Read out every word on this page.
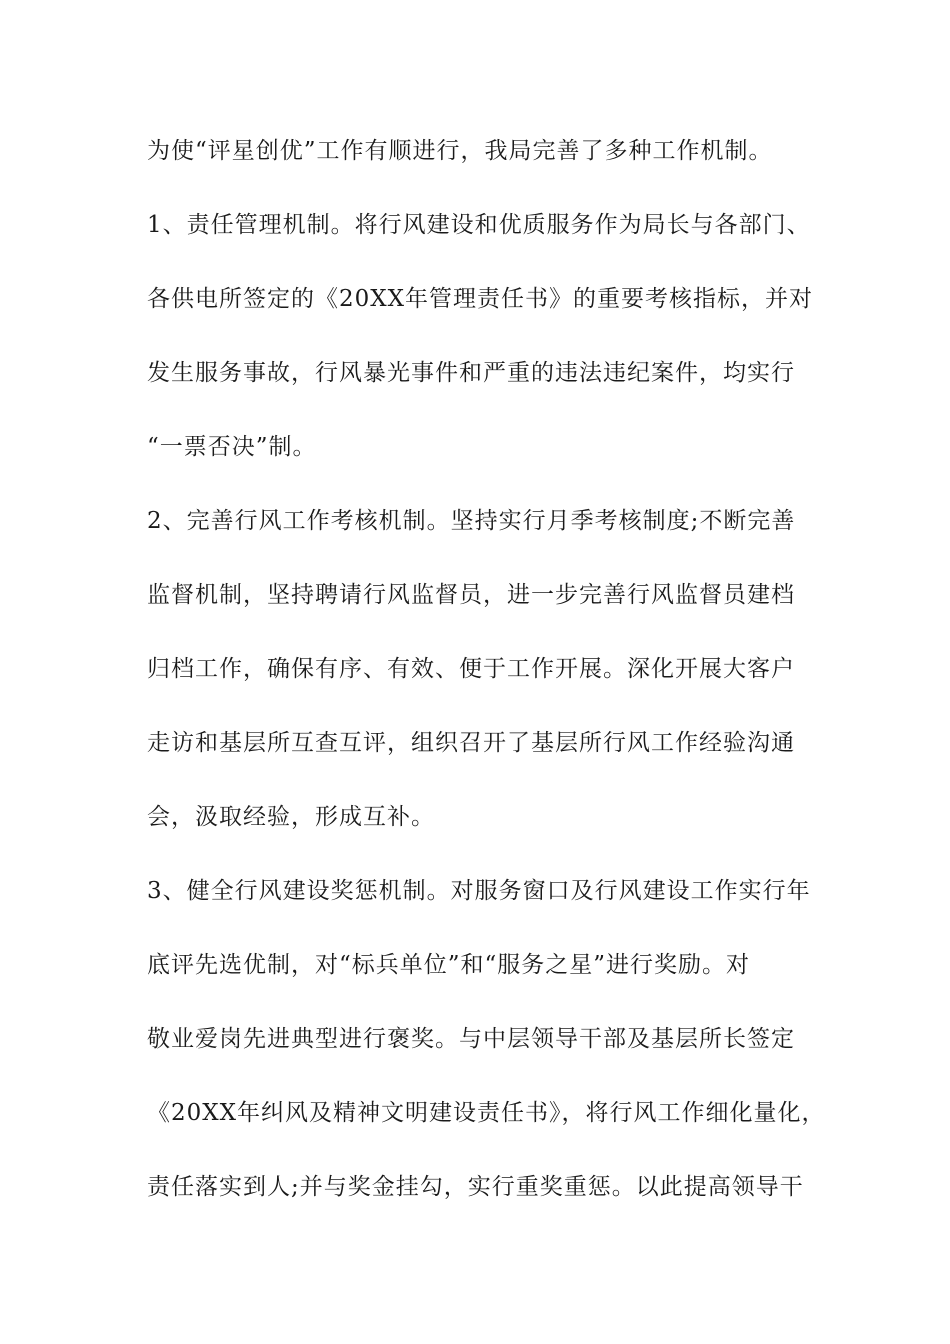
为使“评星创优”工作有顺进行，我局完善了多种工作机制。
1、责任管理机制。将行风建设和优质服务作为局长与各部门、
各供电所签定的《20XX年管理责任书》的重要考核指标，并对
发生服务事故，行风暴光事件和严重的违法违纪案件，均实行
“一票否决”制。
2、完善行风工作考核机制。坚持实行月季考核制度;不断完善
监督机制，坚持聘请行风监督员，进一步完善行风监督员建档
归档工作，确保有序、有效、便于工作开展。深化开展大客户
走访和基层所互查互评，组织召开了基层所行风工作经验沟通
会，汲取经验，形成互补。
3、健全行风建设奖惩机制。对服务窗口及行风建设工作实行年
底评先选优制，对“标兵单位”和“服务之星”进行奖励。对
敬业爱岗先进典型进行褒奖。与中层领导干部及基层所长签定
《20XX年纠风及精神文明建设责任书》，将行风工作细化量化，
责任落实到人;并与奖金挂勾，实行重奖重惩。以此提高领导干
